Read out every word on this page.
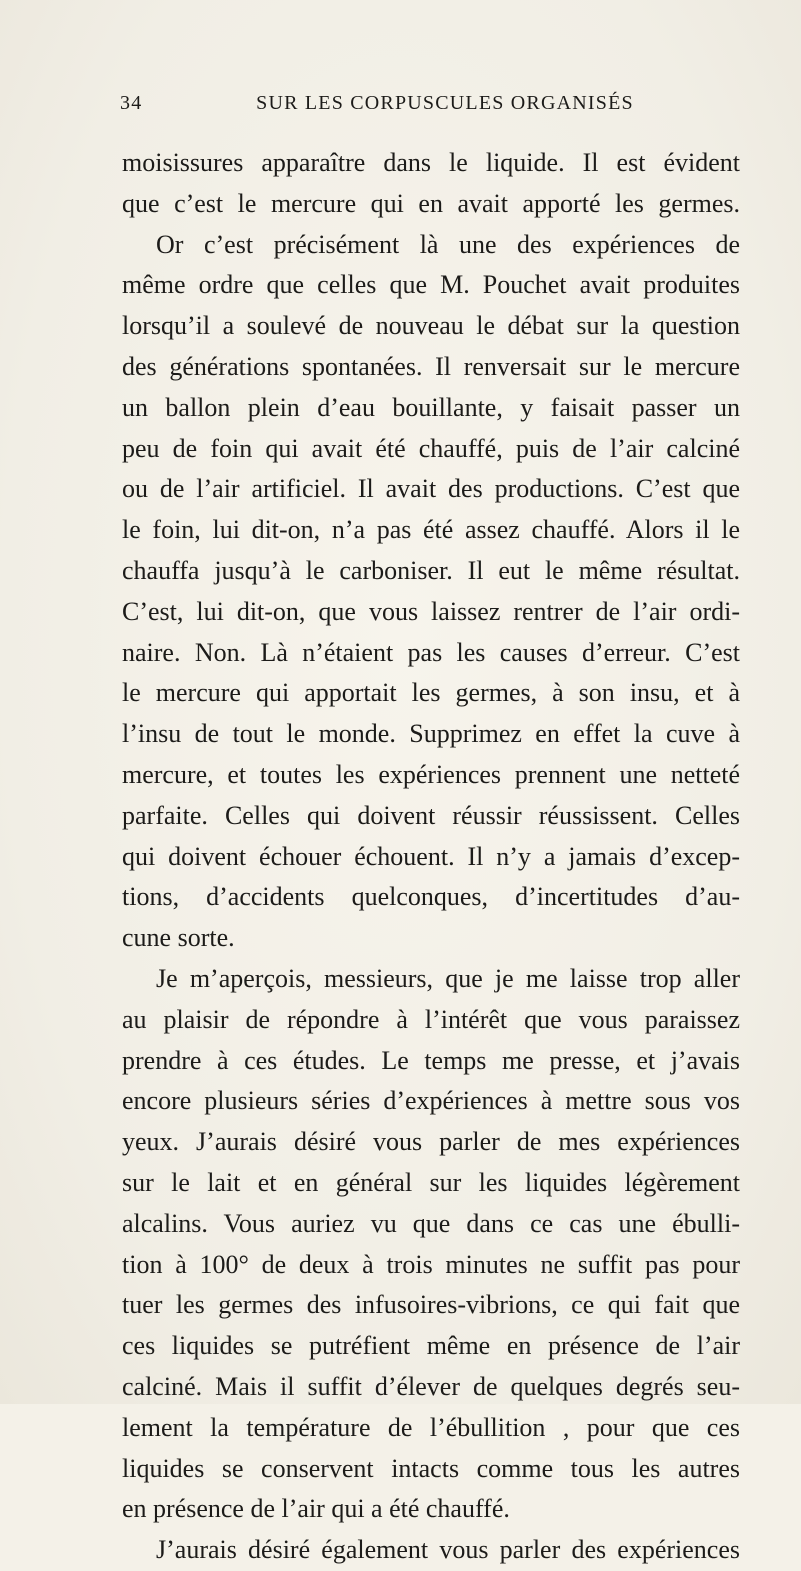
34	SUR LES CORPUSCULES ORGANISÉS
moisissures apparaître dans le liquide. Il est évident
que c’est le mercure qui en avait apporté les germes.
Or c’est précisément là une des expériences de
même ordre que celles que M. Pouchet avait produites
lorsqu’il a soulevé de nouveau le débat sur la question
des générations spontanées. Il renversait sur le mercure
un ballon plein d’eau bouillante, y faisait passer un
peu de foin qui avait été chauffé, puis de l’air calciné
ou de l’air artificiel. Il avait des productions. C’est que
le foin, lui dit-on, n’a pas été assez chauffé. Alors il le
chauffa jusqu’à le carboniser. Il eut le même résultat.
C’est, lui dit-on, que vous laissez rentrer de l’air ordi-
naire. Non. Là n’étaient pas les causes d’erreur. C’est
le mercure qui apportait les germes, à son insu, et à
l’insu de tout le monde. Supprimez en effet la cuve à
mercure, et toutes les expériences prennent une netteté
parfaite. Celles qui doivent réussir réussissent. Celles
qui doivent échouer échouent. Il n’y a jamais d’excep-
tions, d’accidents quelconques, d’incertitudes d’au-
cune sorte.
Je m’aperçois, messieurs, que je me laisse trop aller
au plaisir de répondre à l’intérêt que vous paraissez
prendre à ces études. Le temps me presse, et j’avais
encore plusieurs séries d’expériences à mettre sous vos
yeux. J’aurais désiré vous parler de mes expériences
sur le lait et en général sur les liquides légèrement
alcalins. Vous auriez vu que dans ce cas une ébulli-
tion à 100° de deux à trois minutes ne suffit pas pour
tuer les germes des infusoires-vibrions, ce qui fait que
ces liquides se putréfient même en présence de l’air
calciné. Mais il suffit d’élever de quelques degrés seu-
lement la température de l’ébullition , pour que ces
liquides se conservent intacts comme tous les autres
en présence de l’air qui a été chauffé.
J’aurais désiré également vous parler des expériences
